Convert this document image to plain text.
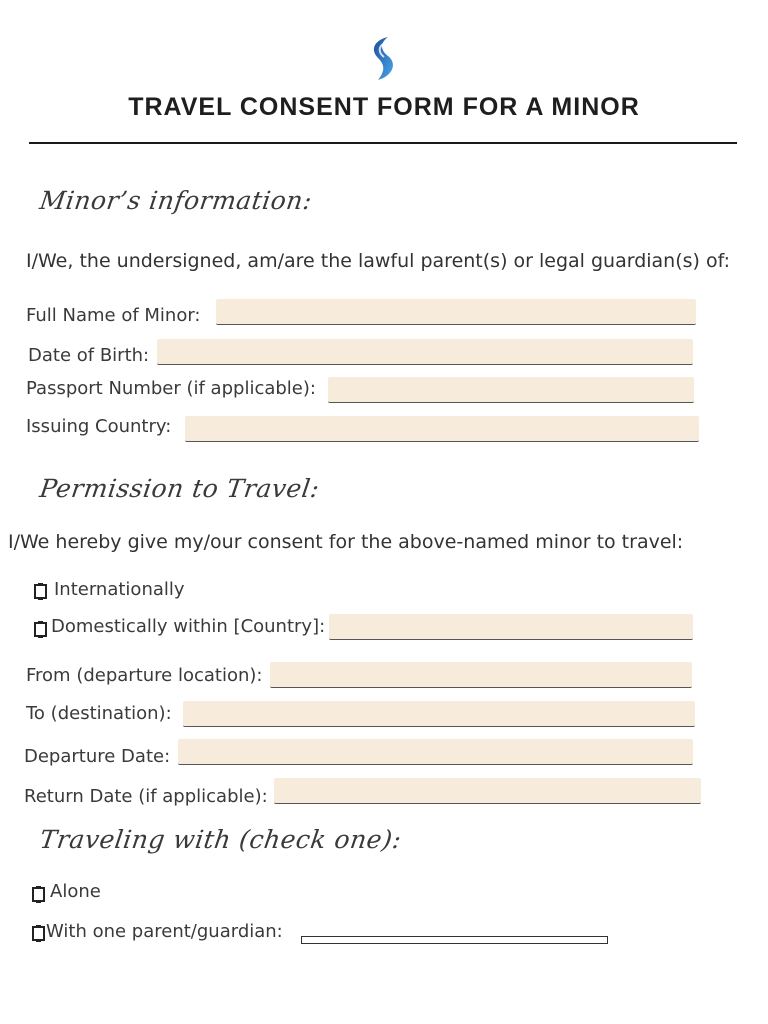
TRAVEL CONSENT FORM FOR A MINOR
Minor’s information:
I/We, the undersigned, am/are the lawful parent(s) or legal guardian(s) of:
Full Name of Minor:
Date of Birth:
Passport Number (if applicable):
Issuing Country:
Permission to Travel:
I/We hereby give my/our consent for the above-named minor to travel:
Internationally
Domestically within [Country]:
From (departure location):
To (destination):
Departure Date:
Return Date (if applicable):
Traveling with (check one):
Alone
With one parent/guardian:
